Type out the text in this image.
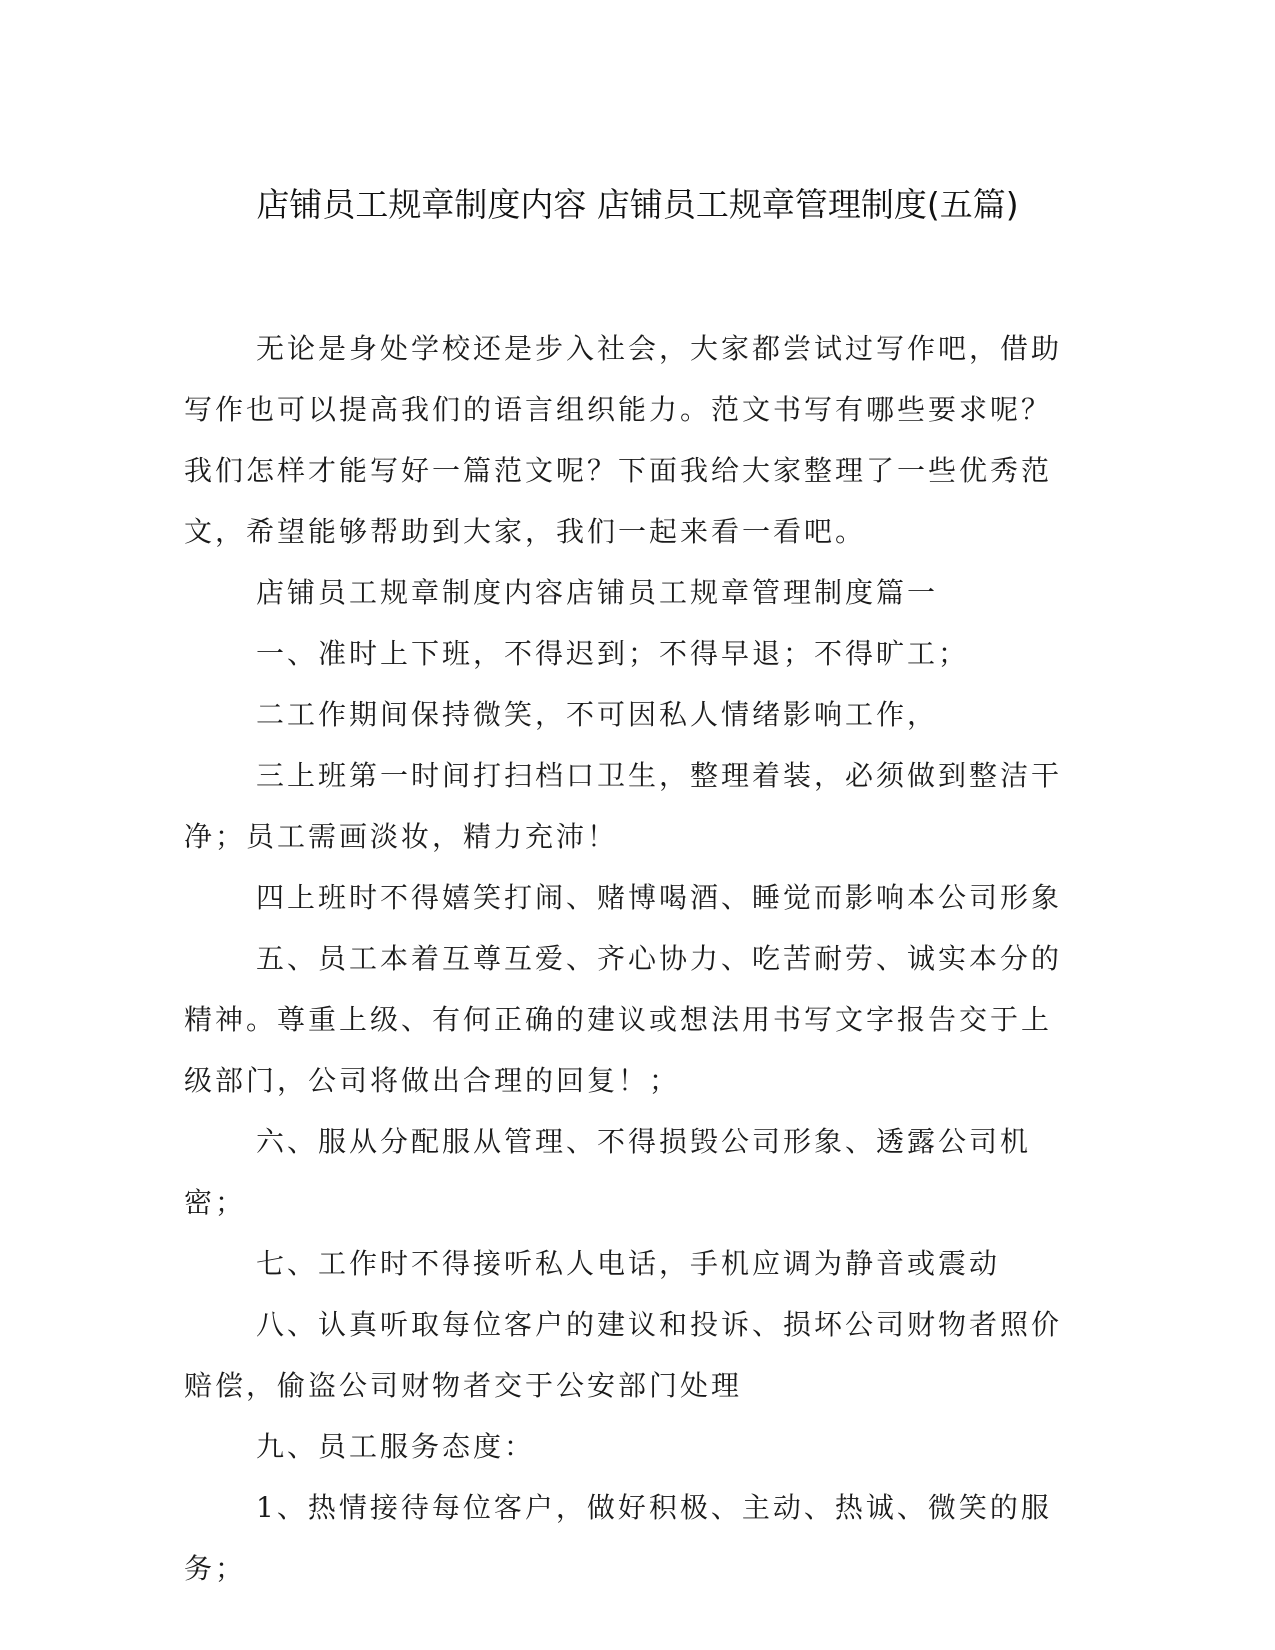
店铺员工规章制度内容 店铺员工规章管理制度(五篇)

无论是身处学校还是步入社会，大家都尝试过写作吧，借助写作也可以提高我们的语言组织能力。范文书写有哪些要求呢？我们怎样才能写好一篇范文呢？下面我给大家整理了一些优秀范文，希望能够帮助到大家，我们一起来看一看吧。

店铺员工规章制度内容店铺员工规章管理制度篇一

一、准时上下班，不得迟到；不得早退；不得旷工；

二工作期间保持微笑，不可因私人情绪影响工作，

三上班第一时间打扫档口卫生，整理着装，必须做到整洁干净；员工需画淡妆，精力充沛！

四上班时不得嬉笑打闹、赌博喝酒、睡觉而影响本公司形象

五、员工本着互尊互爱、齐心协力、吃苦耐劳、诚实本分的精神。尊重上级、有何正确的建议或想法用书写文字报告交于上级部门，公司将做出合理的回复！；

六、服从分配服从管理、不得损毁公司形象、透露公司机密；

七、工作时不得接听私人电话，手机应调为静音或震动

八、认真听取每位客户的建议和投诉、损坏公司财物者照价赔偿，偷盗公司财物者交于公安部门处理

九、员工服务态度：

1、热情接待每位客户，做好积极、主动、热诚、微笑的服务；
